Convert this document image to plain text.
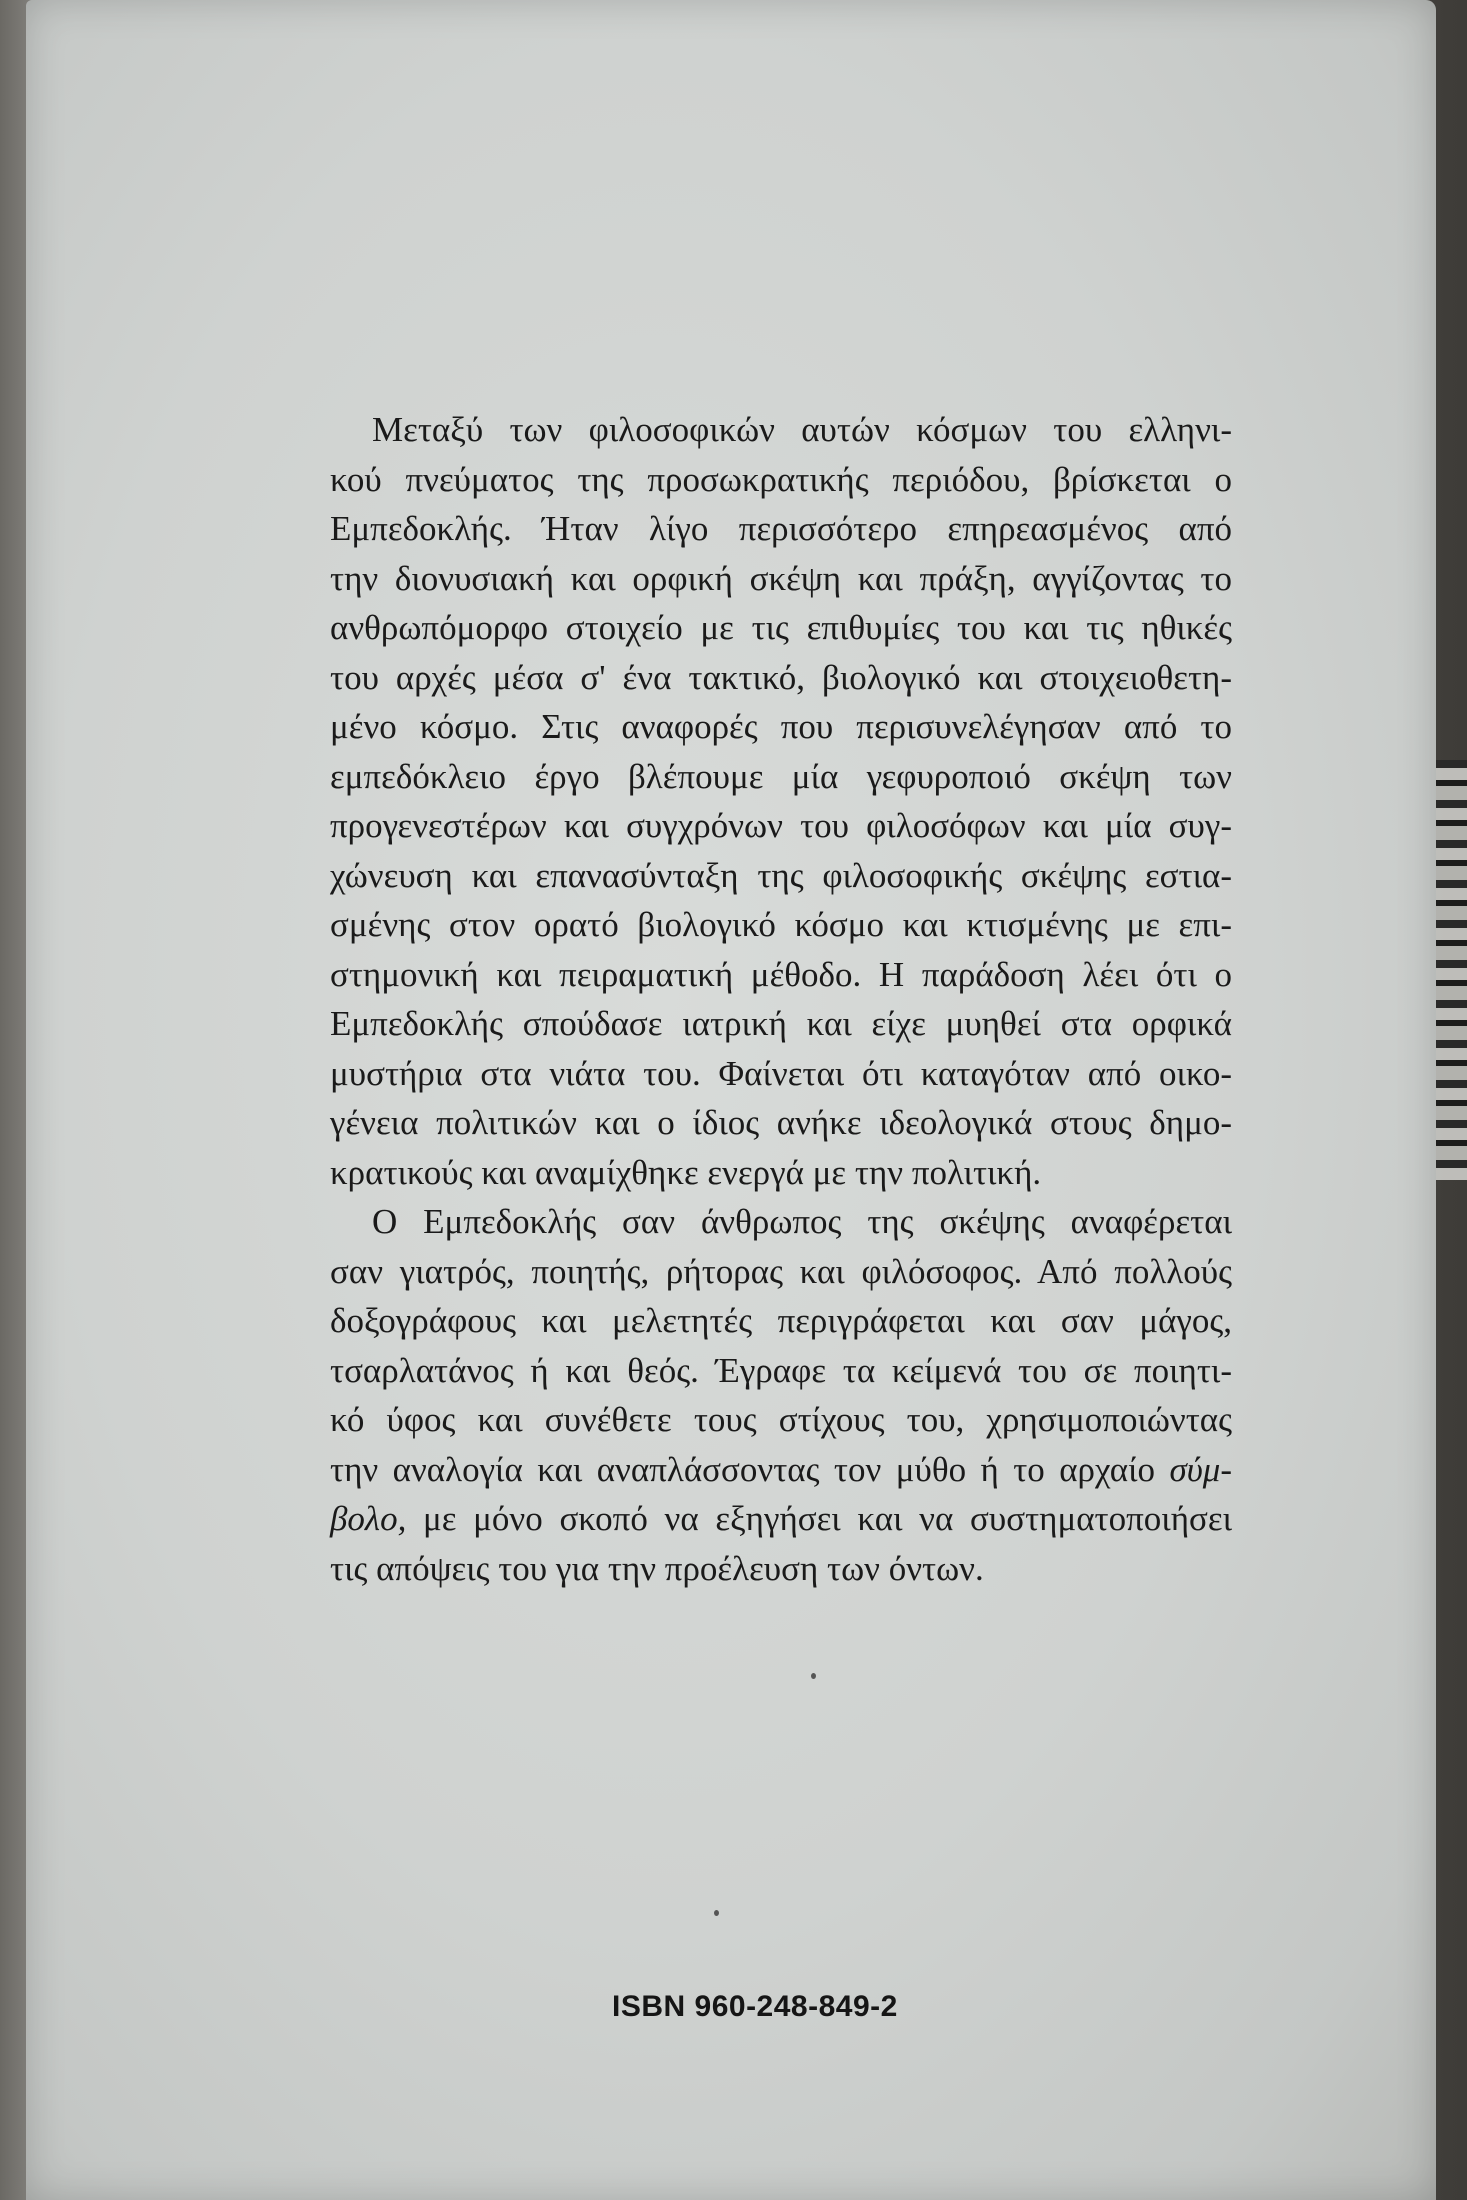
Μεταξύ των φιλοσοφικών αυτών κόσμων του ελληνι-
κού πνεύματος της προσωκρατικής περιόδου, βρίσκεται ο
Εμπεδοκλής. Ήταν λίγο περισσότερο επηρεασμένος από
την διονυσιακή και ορφική σκέψη και πράξη, αγγίζοντας το
ανθρωπόμορφο στοιχείο με τις επιθυμίες του και τις ηθικές
του αρχές μέσα σ' ένα τακτικό, βιολογικό και στοιχειοθετη-
μένο κόσμο. Στις αναφορές που περισυνελέγησαν από το
εμπεδόκλειο έργο βλέπουμε μία γεφυροποιό σκέψη των
προγενεστέρων και συγχρόνων του φιλοσόφων και μία συγ-
χώνευση και επανασύνταξη της φιλοσοφικής σκέψης εστια-
σμένης στον ορατό βιολογικό κόσμο και κτισμένης με επι-
στημονική και πειραματική μέθοδο. Η παράδοση λέει ότι ο
Εμπεδοκλής σπούδασε ιατρική και είχε μυηθεί στα ορφικά
μυστήρια στα νιάτα του. Φαίνεται ότι καταγόταν από οικο-
γένεια πολιτικών και ο ίδιος ανήκε ιδεολογικά στους δημο-
κρατικούς και αναμίχθηκε ενεργά με την πολιτική.

Ο Εμπεδοκλής σαν άνθρωπος της σκέψης αναφέρεται
σαν γιατρός, ποιητής, ρήτορας και φιλόσοφος. Από πολλούς
δοξογράφους και μελετητές περιγράφεται και σαν μάγος,
τσαρλατάνος ή και θεός. Έγραφε τα κείμενά του σε ποιητι-
κό ύφος και συνέθετε τους στίχους του, χρησιμοποιώντας
την αναλογία και αναπλάσσοντας τον μύθο ή το αρχαίο σύμ-
βολο, με μόνο σκοπό να εξηγήσει και να συστηματοποιήσει
τις απόψεις του για την προέλευση των όντων.

ISBN 960-248-849-2
